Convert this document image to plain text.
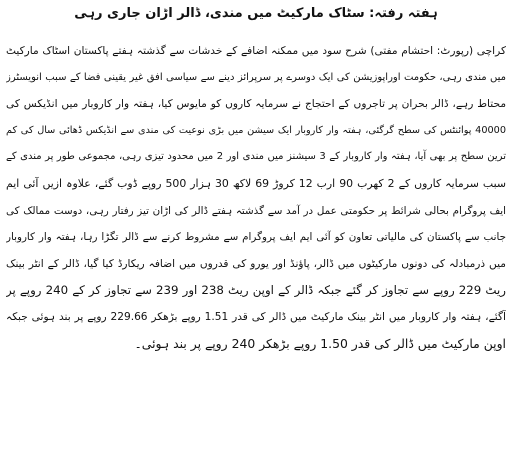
ہفتہ رفتہ: سٹاک مارکیٹ میں مندی، ڈالر اڑان جاری رہی
کراچی (رپورٹ: احتشام مفتی) شرح سود میں ممکنہ اضافے کے خدشات سے گذشتہ ہفتے پاکستان اسٹاک مارکیٹ
میں مندی رہی، حکومت اوراپوزیشن کی ایک دوسرے پر سرپرائز دینے سے سیاسی افق غیر یقینی فضا کے سبب انویسٹرز
محتاط رہے، ڈالر بحران پر تاجروں کے احتجاج نے سرمایہ کاروں کو مایوس کیا، ہفتہ وار کاروبار میں انڈیکس کی
40000 پوائنٹس کی سطح گرگئی، ہفتہ وار کاروبار ایک سیشن میں بڑی نوعیت کی مندی سے انڈیکس ڈھائی سال کی کم
ترین سطح پر بھی آیا، ہفتہ وار کاروبار کے 3 سیشنز میں مندی اور 2 میں محدود تیزی رہی، مجموعی طور پر مندی کے
سبب سرمایہ کاروں کے 2 کھرب 90 ارب 12 کروڑ 69 لاکھ 30 ہزار 500 روپے ڈوب گئے، علاوہ ازیں آئی ایم
ایف پروگرام بحالی شرائط پر حکومتی عمل در آمد سے گذشتہ ہفتے ڈالر کی اڑان تیز رفتار رہی، دوست ممالک کی
جانب سے پاکستان کی مالیاتی تعاون کو آئی ایم ایف پروگرام سے مشروط کرنے سے ڈالر تگڑا رہا، ہفتہ وار کاروبار
میں ذرمبادلہ کی دونوں مارکیٹوں میں ڈالر، پاؤنڈ اور یورو کی قدروں میں اضافہ ریکارڈ کیا گیا، ڈالر کے انٹر بینک
ریٹ 229 روپے سے تجاوز کر گئے جبکہ ڈالر کے اوپن ریٹ 238 اور 239 سے تجاوز کر کے 240 روپے پر
آگئے، ہفتہ وار کاروبار میں انٹر بینک مارکیٹ میں ڈالر کی قدر 1.51 روپے بڑھکر 229.66 روپے پر بند ہوئی جبکہ
اوپن مارکیٹ میں ڈالر کی قدر 1.50 روپے بڑھکر 240 روپے پر بند ہوئی۔
